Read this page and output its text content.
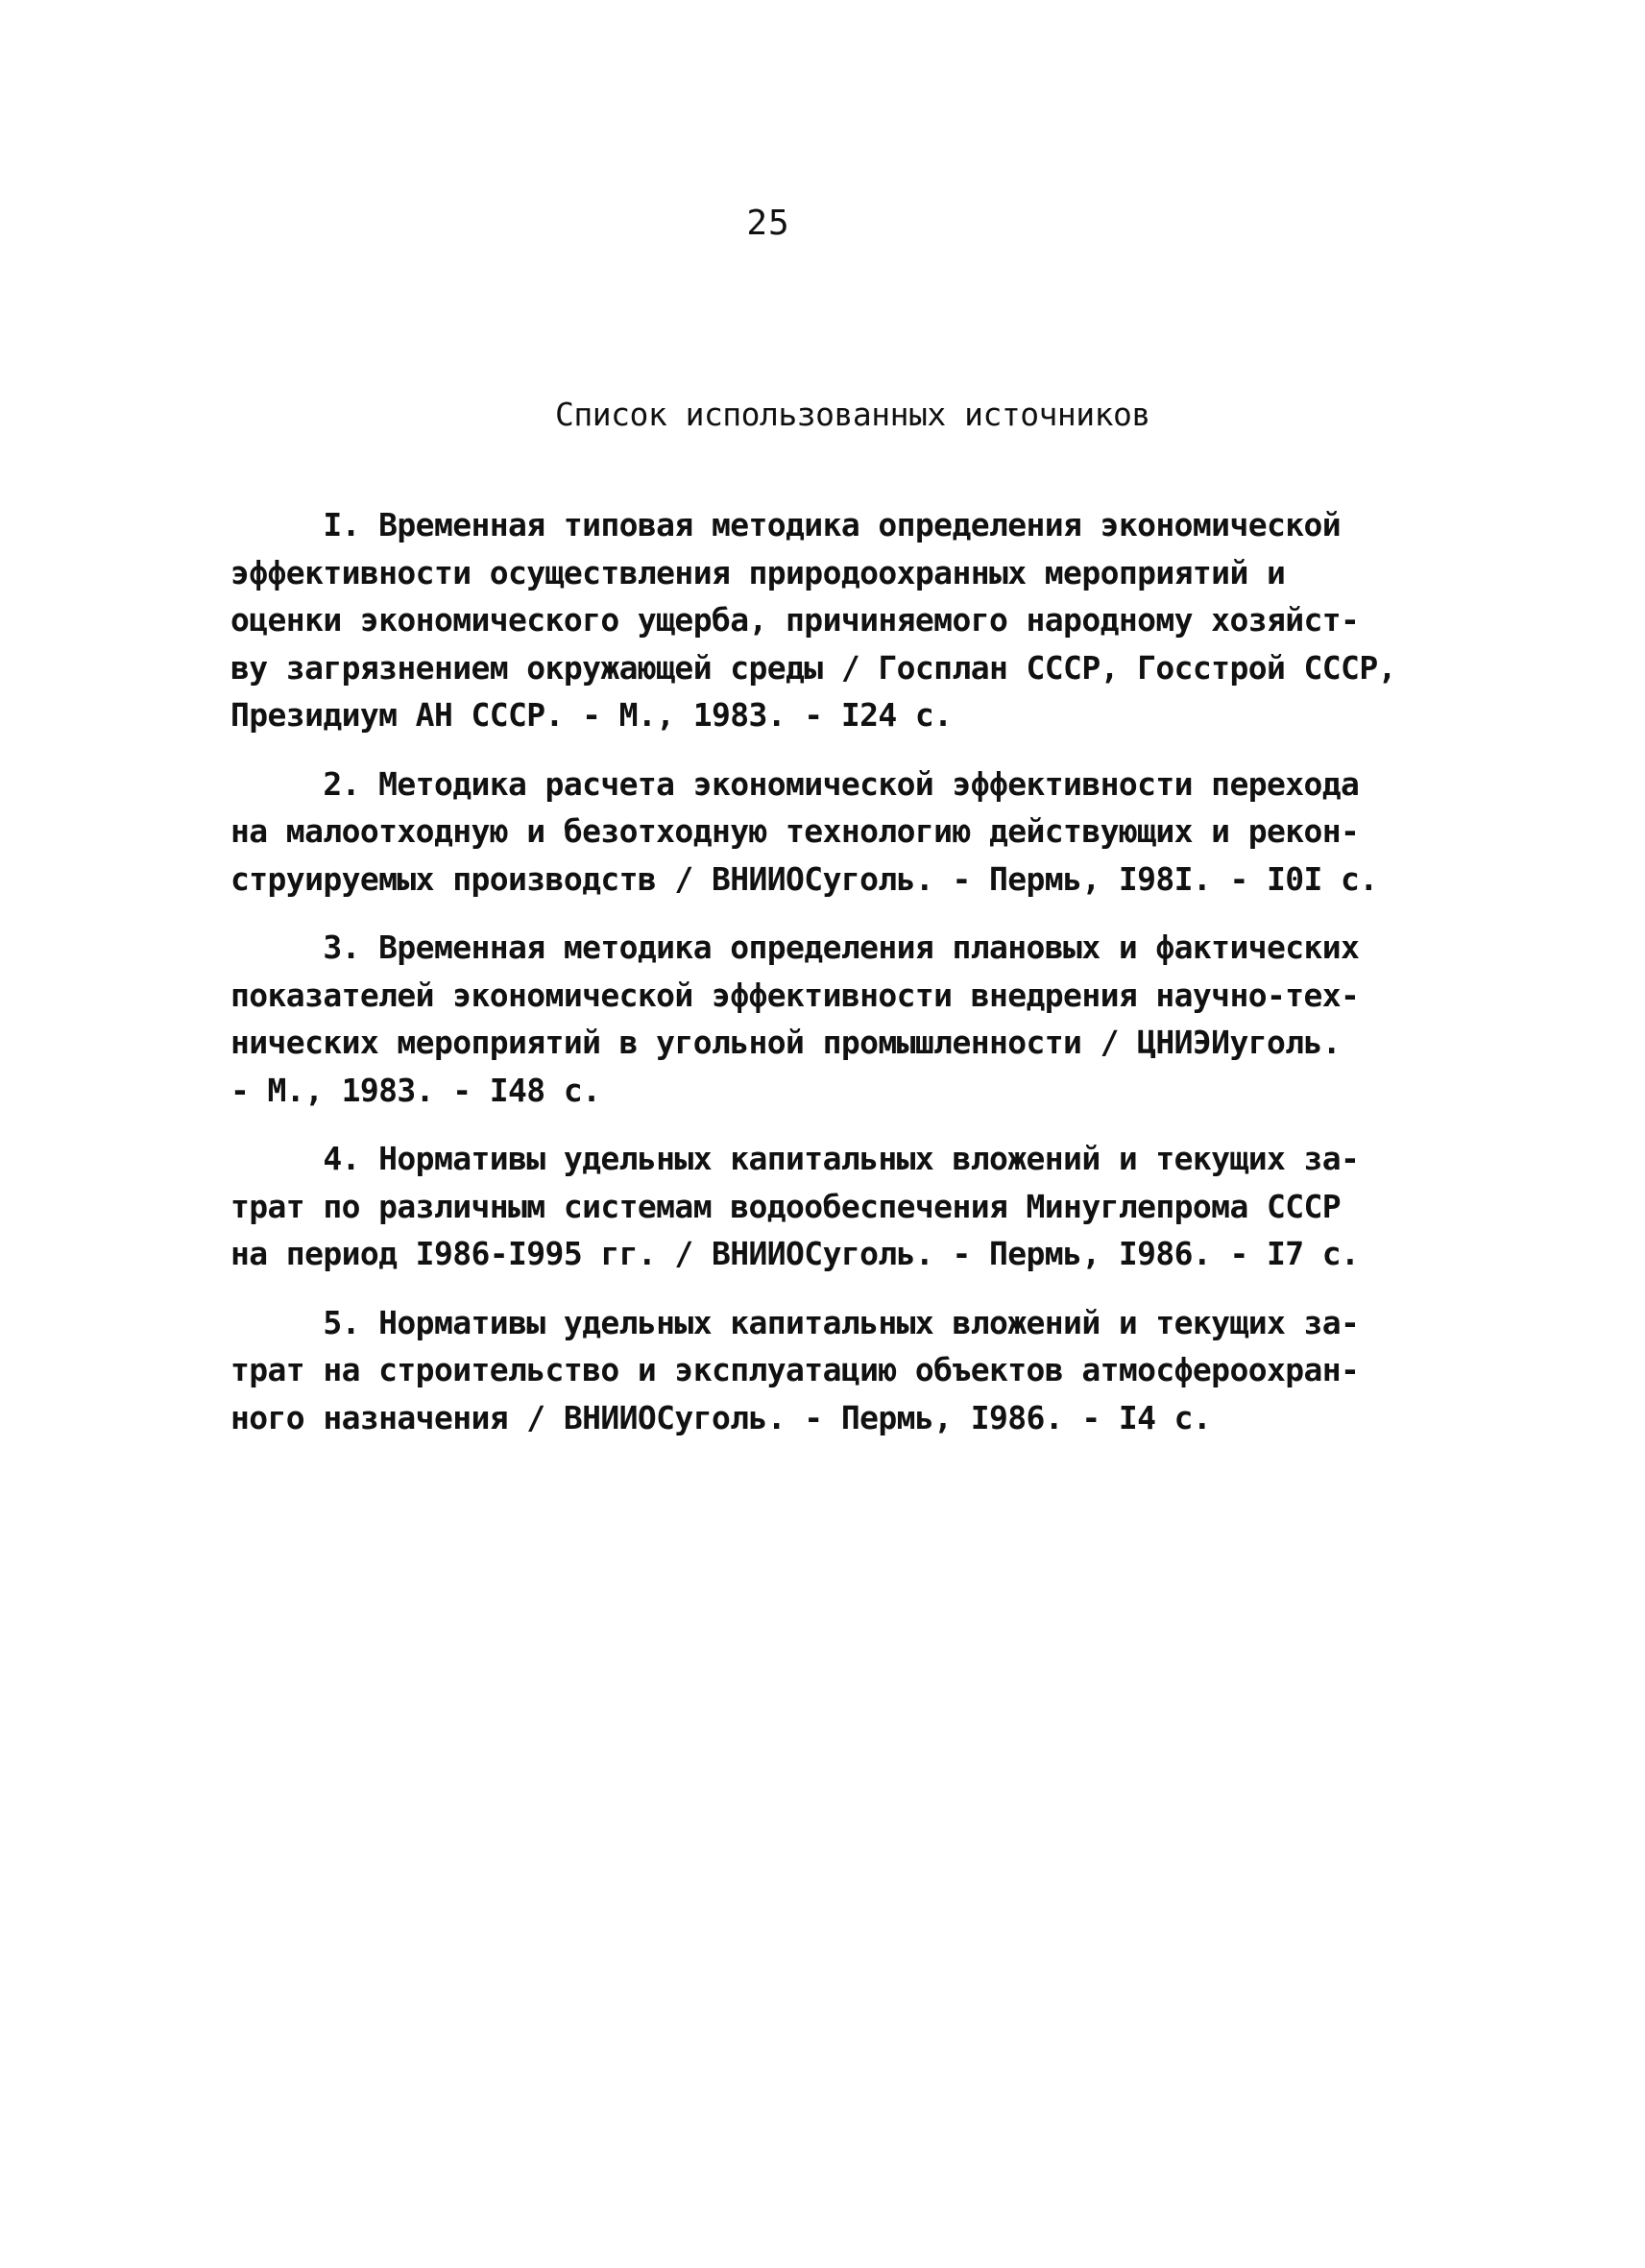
25
Список использованных источников
I. Временная типовая методика определения экономической
эффективности осуществления природоохранных мероприятий и
оценки экономического ущерба, причиняемого народному хозяйст-
ву загрязнением окружающей среды / Госплан СССР, Госстрой СССР,
Президиум АН СССР. - М., 1983. - I24 с.
2. Методика расчета экономической эффективности перехода
на малоотходную и безотходную технологию действующих и рекон-
струируемых производств / ВНИИОСуголь. - Пермь, I98I. - I0I с.
3. Временная методика определения плановых и фактических
показателей экономической эффективности внедрения научно-тех-
нических мероприятий в угольной промышленности / ЦНИЭИуголь.
- М., 1983. - I48 с.
4. Нормативы удельных капитальных вложений и текущих за-
трат по различным системам водообеспечения Минуглепрома СССР
на период I986-I995 гг. / ВНИИОСуголь. - Пермь, I986. - I7 с.
5. Нормативы удельных капитальных вложений и текущих за-
трат на строительство и эксплуатацию объектов атмосфероохран-
ного назначения / ВНИИОСуголь. - Пермь, I986. - I4 с.
